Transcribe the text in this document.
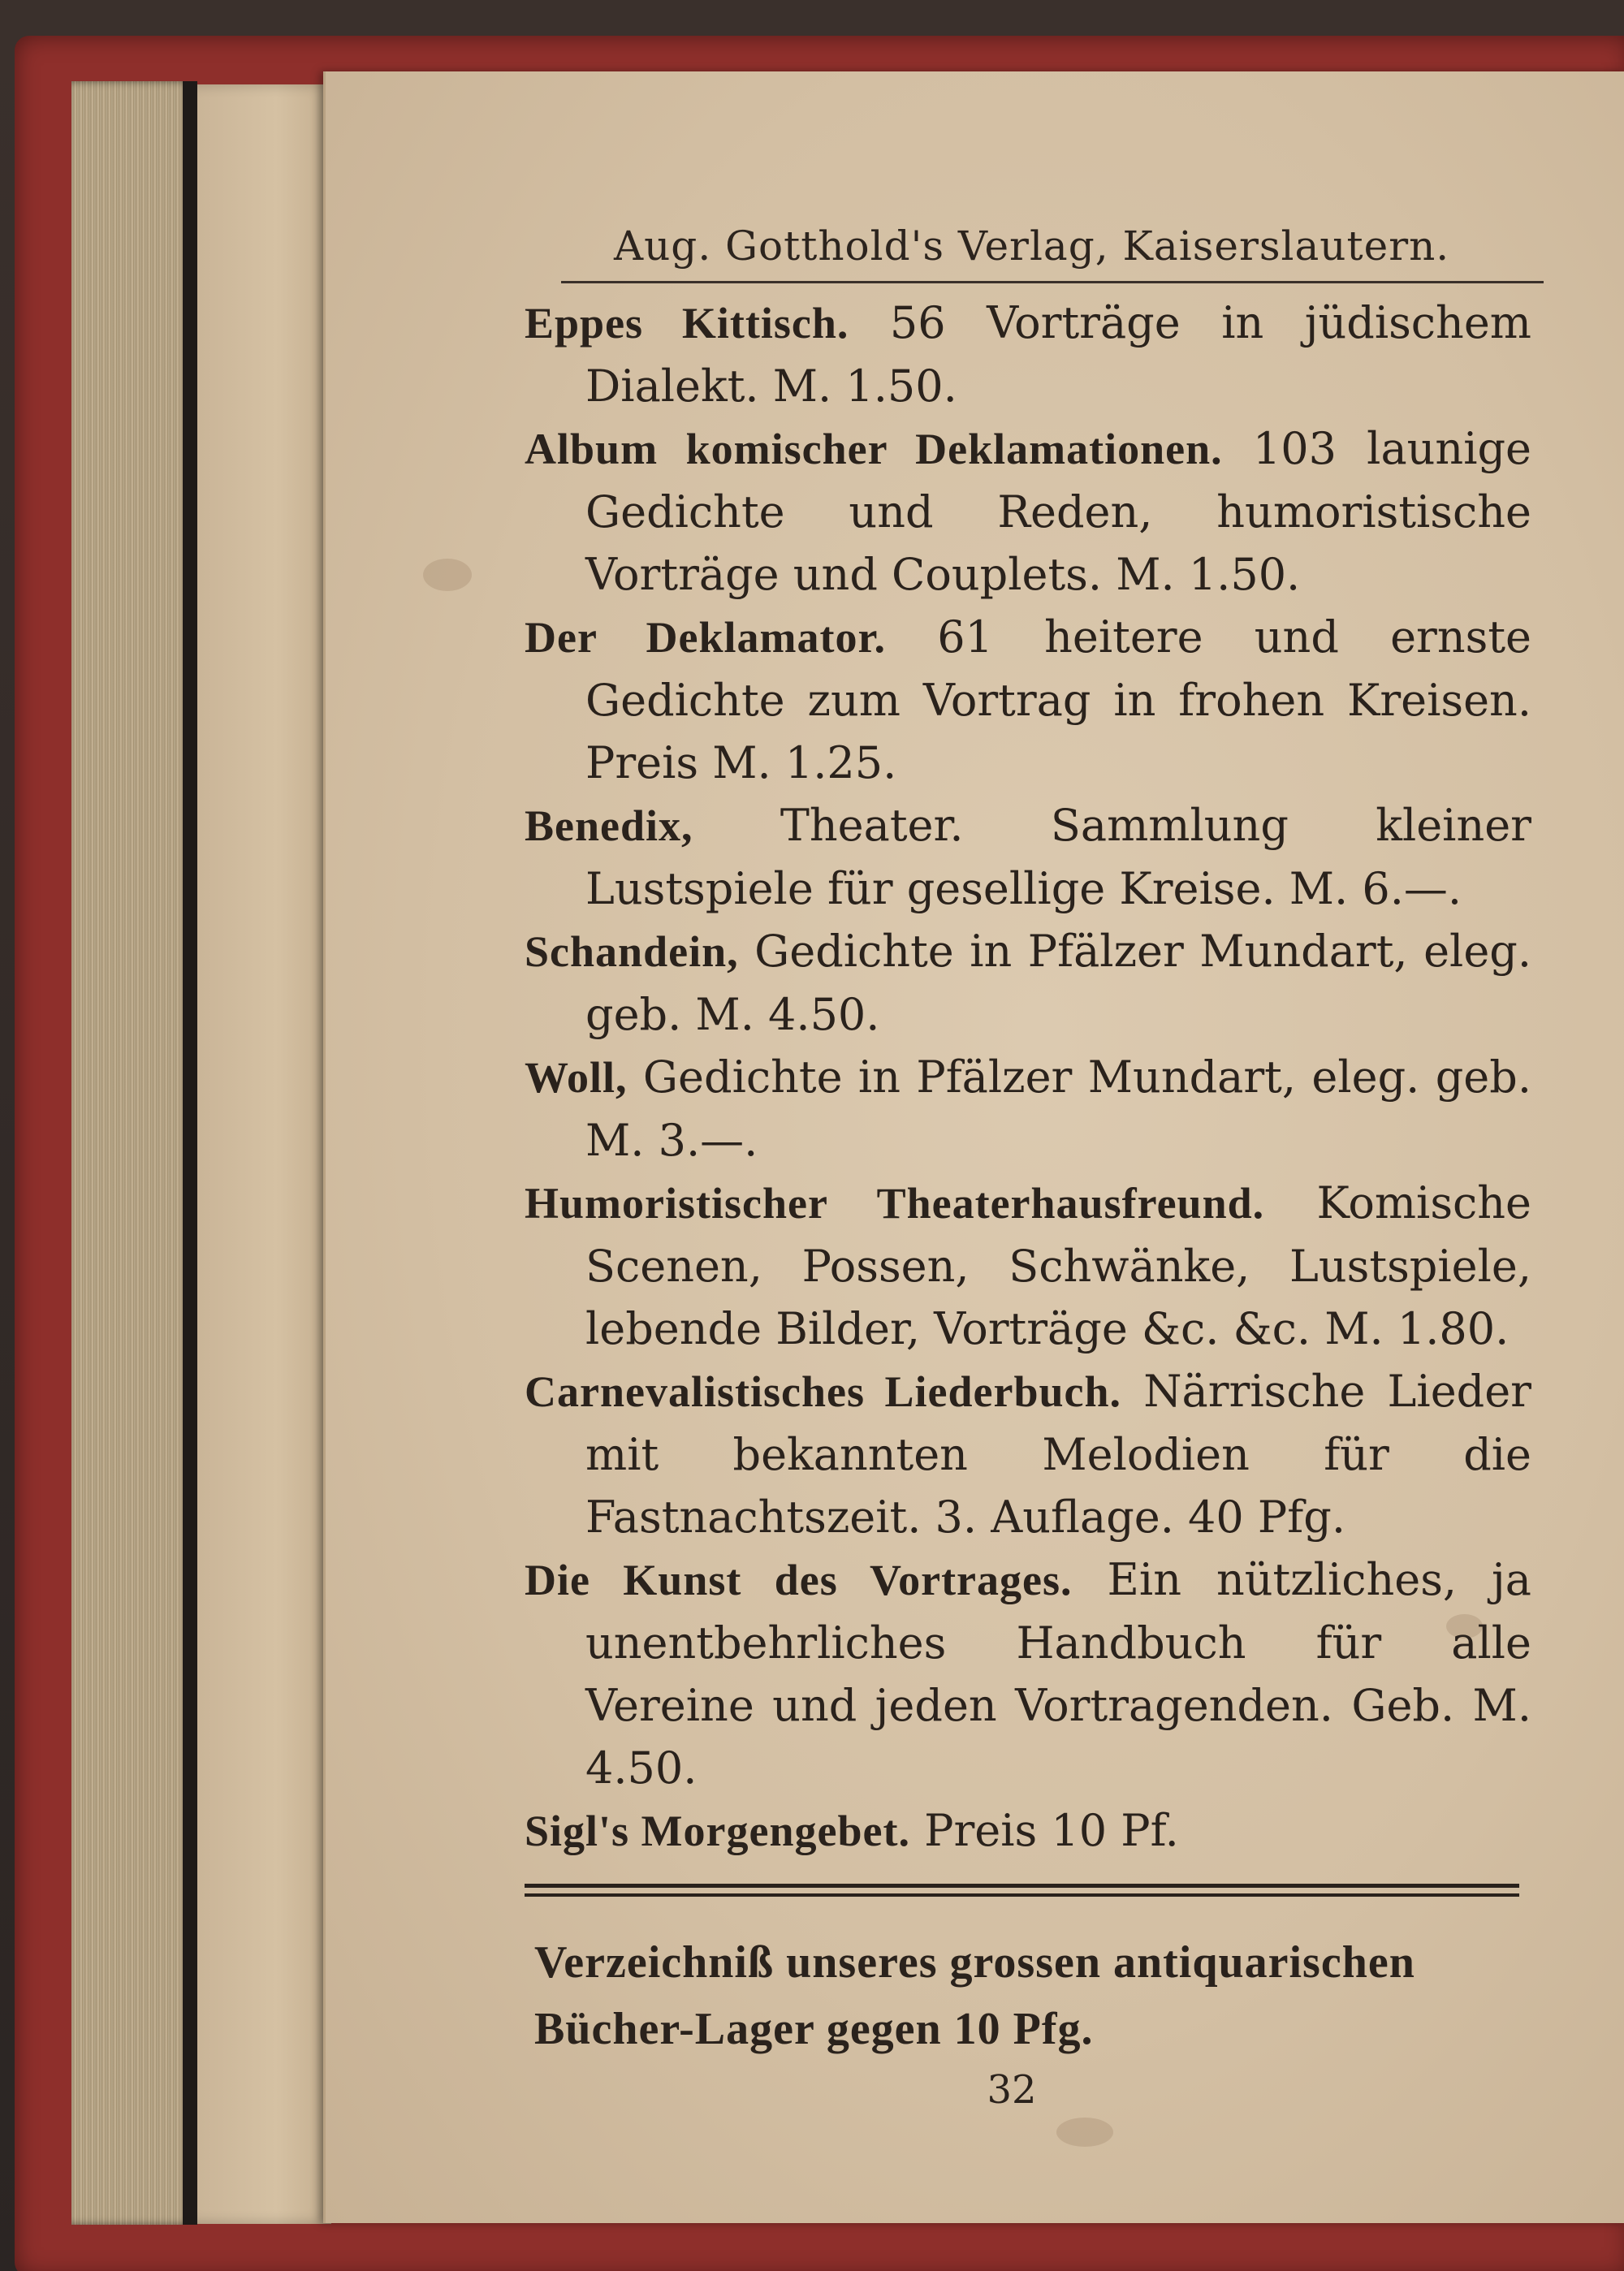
Aug. Gotthold's Verlag, Kaiserslautern.
Eppes Kittisch. 56 Vorträge in jüdischem Dialekt. M. 1.50.
Album komischer Deklamationen. 103 launige Gedichte und Reden, humoristische Vorträge und Couplets. M. 1.50.
Der Deklamator. 61 heitere und ernste Gedichte zum Vortrag in frohen Kreisen. Preis M. 1.25.
Benedix, Theater. Sammlung kleiner Lustspiele für gesellige Kreise. M. 6.—.
Schandein, Gedichte in Pfälzer Mundart, eleg. geb. M. 4.50.
Woll, Gedichte in Pfälzer Mundart, eleg. geb. M. 3.—.
Humoristischer Theaterhausfreund. Komische Scenen, Possen, Schwänke, Lustspiele, lebende Bilder, Vorträge &c. &c. M. 1.80.
Carnevalistisches Liederbuch. Närrische Lieder mit bekannten Melodien für die Fastnachtszeit. 3. Auflage. 40 Pfg.
Die Kunst des Vortrages. Ein nützliches, ja unentbehrliches Handbuch für alle Vereine und jeden Vortragenden. Geb. M. 4.50.
Sigl's Morgengebet. Preis 10 Pf.
Verzeichniß unseres grossen antiquarischen Bücher-Lager gegen 10 Pfg.
32
